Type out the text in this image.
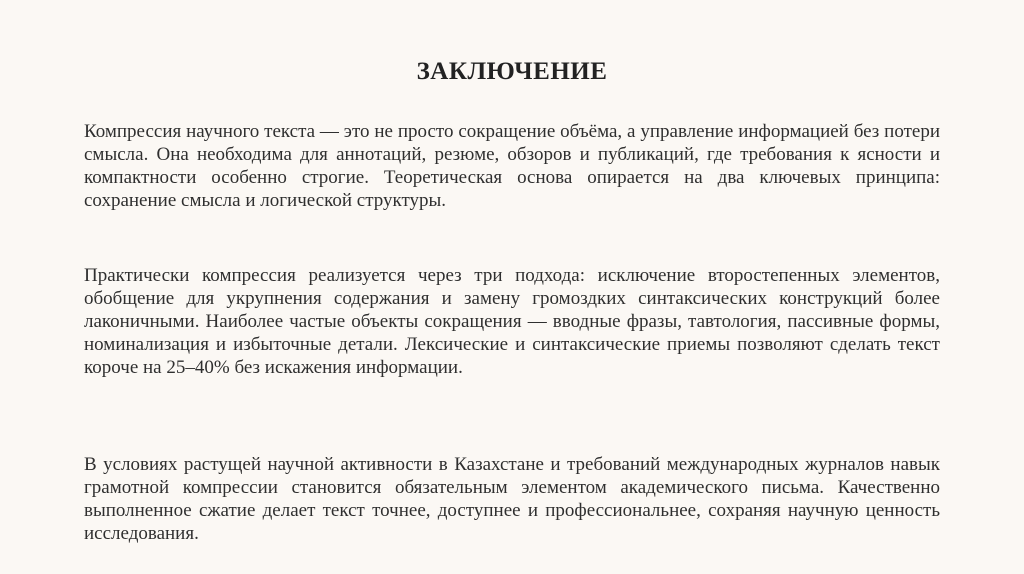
ЗАКЛЮЧЕНИЕ
Компрессия научного текста — это не просто сокращение объёма, а управление информацией без потери смысла. Она необходима для аннотаций, резюме, обзоров и публикаций, где требования к ясности и компактности особенно строгие. Теоретическая основа опирается на два ключевых принципа: сохранение смысла и логической структуры.
Практически компрессия реализуется через три подхода: исключение второстепенных элементов, обобщение для укрупнения содержания и замену громоздких синтаксических конструкций более лаконичными. Наиболее частые объекты сокращения — вводные фразы, тавтология, пассивные формы, номинализация и избыточные детали. Лексические и синтаксические приемы позволяют сделать текст короче на 25–40% без искажения информации.
В условиях растущей научной активности в Казахстане и требований международных журналов навык грамотной компрессии становится обязательным элементом академического письма. Качественно выполненное сжатие делает текст точнее, доступнее и профессиональнее, сохраняя научную ценность исследования.
